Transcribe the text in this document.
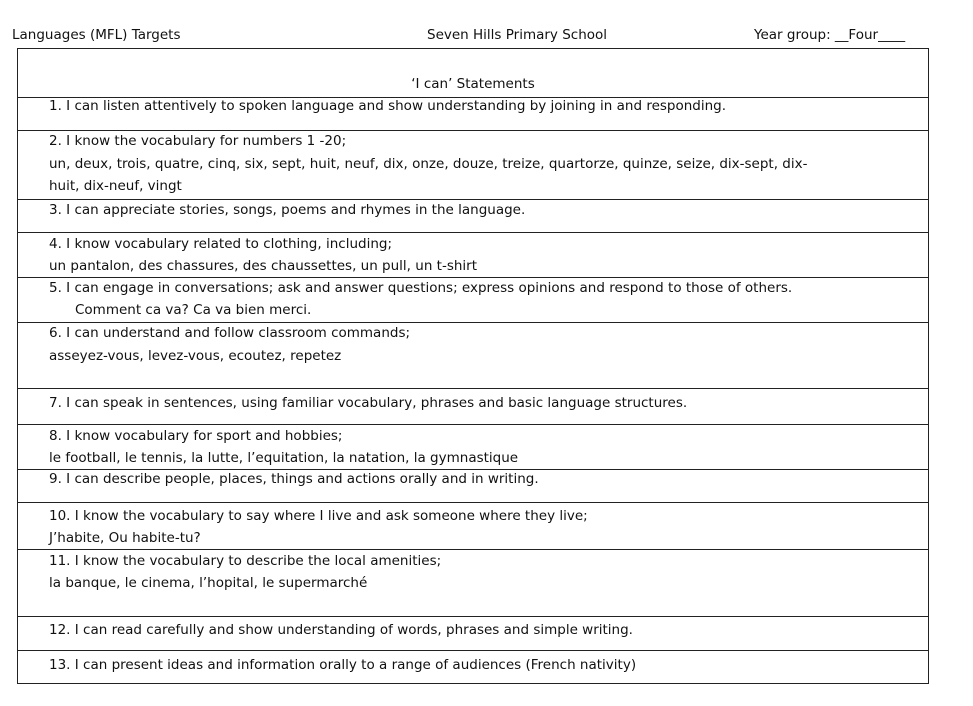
Languages (MFL) Targets	Seven Hills Primary School	Year group: __Four____
‘I can’ Statements
1. I can listen attentively to spoken language and show understanding by joining in and responding.
2. I know the vocabulary for numbers 1 -20;
un, deux, trois, quatre, cinq, six, sept, huit, neuf, dix, onze, douze, treize, quartorze, quinze, seize, dix-sept, dix-
huit, dix-neuf, vingt
3. I can appreciate stories, songs, poems and rhymes in the language.
4. I know vocabulary related to clothing, including;
un pantalon, des chassures, des chaussettes, un pull, un t-shirt
5. I can engage in conversations; ask and answer questions; express opinions and respond to those of others.
Comment ca va? Ca va bien merci.
6. I can understand and follow classroom commands;
asseyez-vous, levez-vous, ecoutez, repetez
7. I can speak in sentences, using familiar vocabulary, phrases and basic language structures.
8. I know vocabulary for sport and hobbies;
le football, le tennis, la lutte, l’equitation, la natation, la gymnastique
9. I can describe people, places, things and actions orally and in writing.
10. I know the vocabulary to say where I live and ask someone where they live;
J’habite, Ou habite-tu?
11. I know the vocabulary to describe the local amenities;
la banque, le cinema, l’hopital, le supermarché
12. I can read carefully and show understanding of words, phrases and simple writing.
13. I can present ideas and information orally to a range of audiences (French nativity)
